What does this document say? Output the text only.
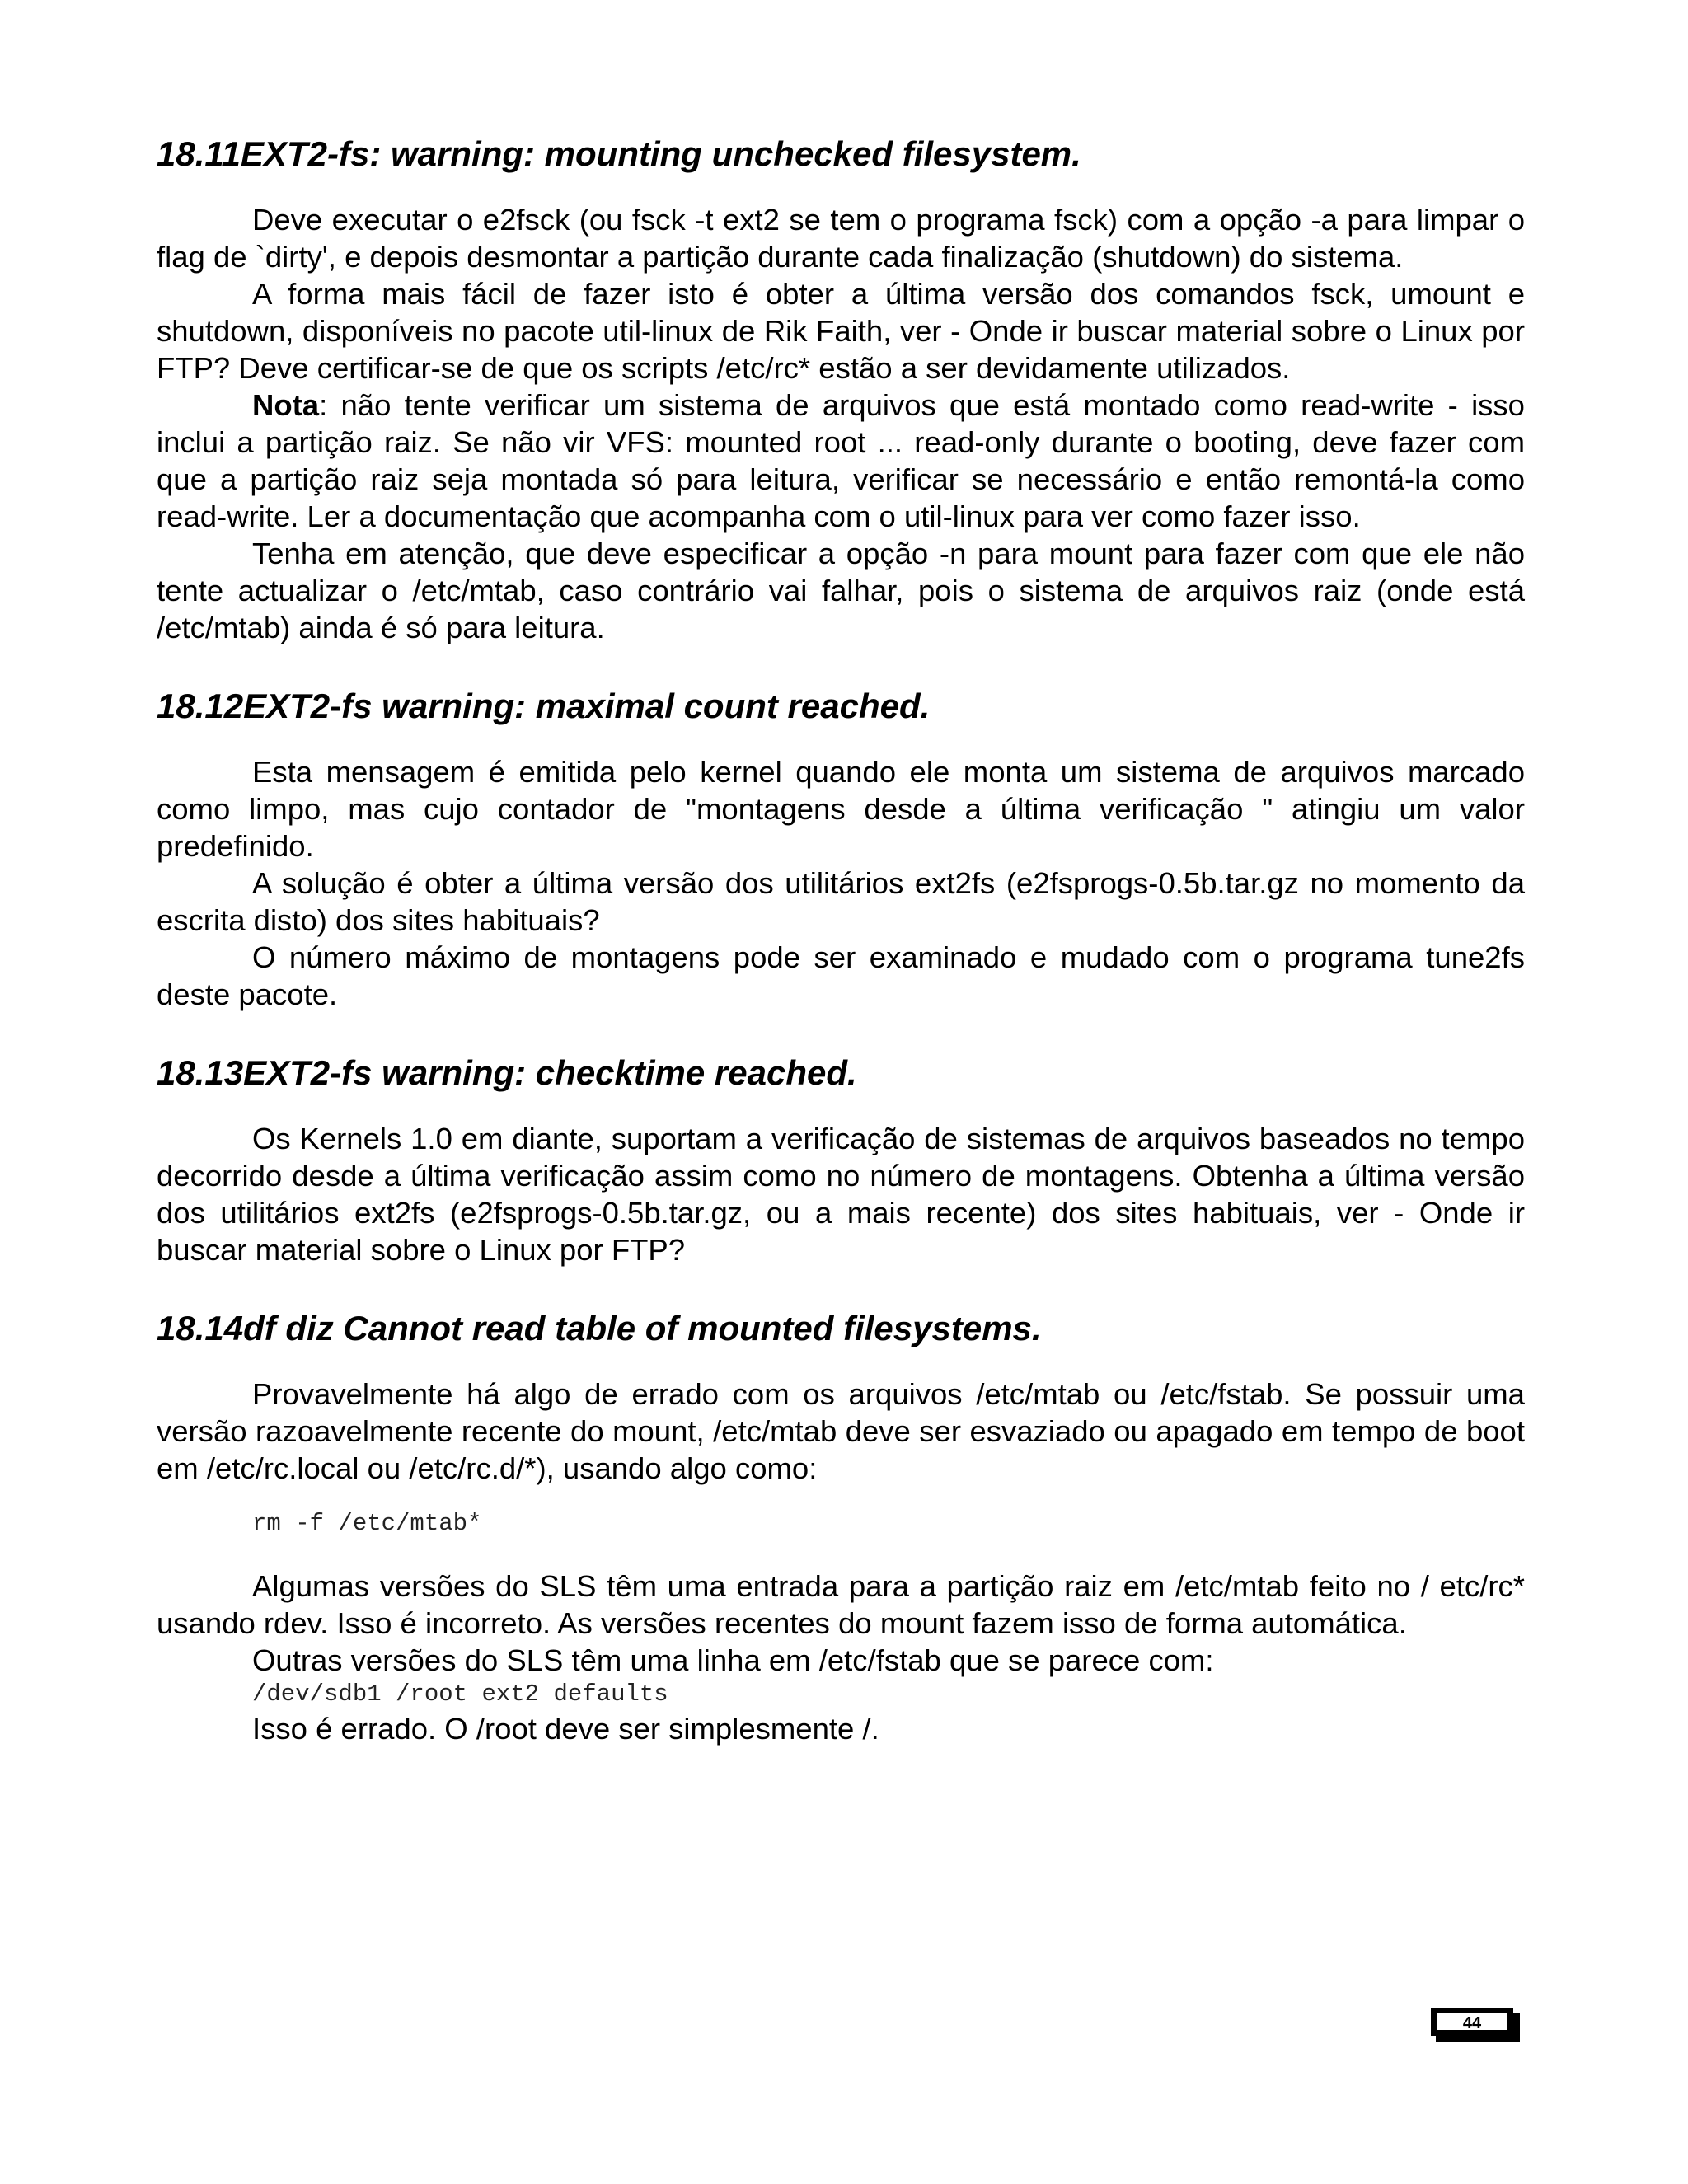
18.11EXT2-fs: warning: mounting unchecked filesystem.

Deve executar o e2fsck (ou fsck -t ext2 se tem o programa fsck) com a opção -a para limpar o flag de `dirty', e depois desmontar a partição durante cada finalização (shutdown) do sistema.

A forma mais fácil de fazer isto é obter a última versão dos comandos fsck, umount e shutdown, disponíveis no pacote util-linux de Rik Faith, ver - Onde ir buscar material sobre o Linux por FTP? Deve certificar-se de que os scripts /etc/rc* estão a ser devidamente utilizados.

Nota: não tente verificar um sistema de arquivos que está montado como read-write - isso inclui a partição raiz. Se não vir VFS: mounted root ... read-only durante o booting, deve fazer com que a partição raiz seja montada só para leitura, verificar se necessário e então remontá-la como read-write. Ler a documentação que acompanha com o util-linux para ver como fazer isso.

Tenha em atenção, que deve especificar a opção -n para mount para fazer com que ele não tente actualizar o /etc/mtab, caso contrário vai falhar, pois o sistema de arquivos raiz (onde está /etc/mtab) ainda é só para leitura.

18.12EXT2-fs warning: maximal count reached.

Esta mensagem é emitida pelo kernel quando ele monta um sistema de arquivos marcado como limpo, mas cujo contador de "montagens desde a última verificação " atingiu um valor predefinido.

A solução é obter a última versão dos utilitários ext2fs (e2fsprogs-0.5b.tar.gz no momento da escrita disto) dos sites habituais?

O número máximo de montagens pode ser examinado e mudado com o programa tune2fs deste pacote.

18.13EXT2-fs warning: checktime reached.

Os Kernels 1.0 em diante, suportam a verificação de sistemas de arquivos baseados no tempo decorrido desde a última verificação assim como no número de montagens. Obtenha a última versão dos utilitários ext2fs (e2fsprogs-0.5b.tar.gz, ou a mais recente) dos sites habituais, ver - Onde ir buscar material sobre o Linux por FTP?

18.14df diz Cannot read table of mounted filesystems.

Provavelmente há algo de errado com os arquivos /etc/mtab ou /etc/fstab. Se possuir uma versão razoavelmente recente do mount, /etc/mtab deve ser esvaziado ou apagado em tempo de boot em /etc/rc.local ou /etc/rc.d/*), usando algo como:

rm -f /etc/mtab*

Algumas versões do SLS têm uma entrada para a partição raiz em /etc/mtab feito no / etc/rc* usando rdev. Isso é incorreto. As versões recentes do mount fazem isso de forma automática.

Outras versões do SLS têm uma linha em /etc/fstab que se parece com:

/dev/sdb1 /root ext2 defaults

Isso é errado. O /root deve ser simplesmente /.

44
